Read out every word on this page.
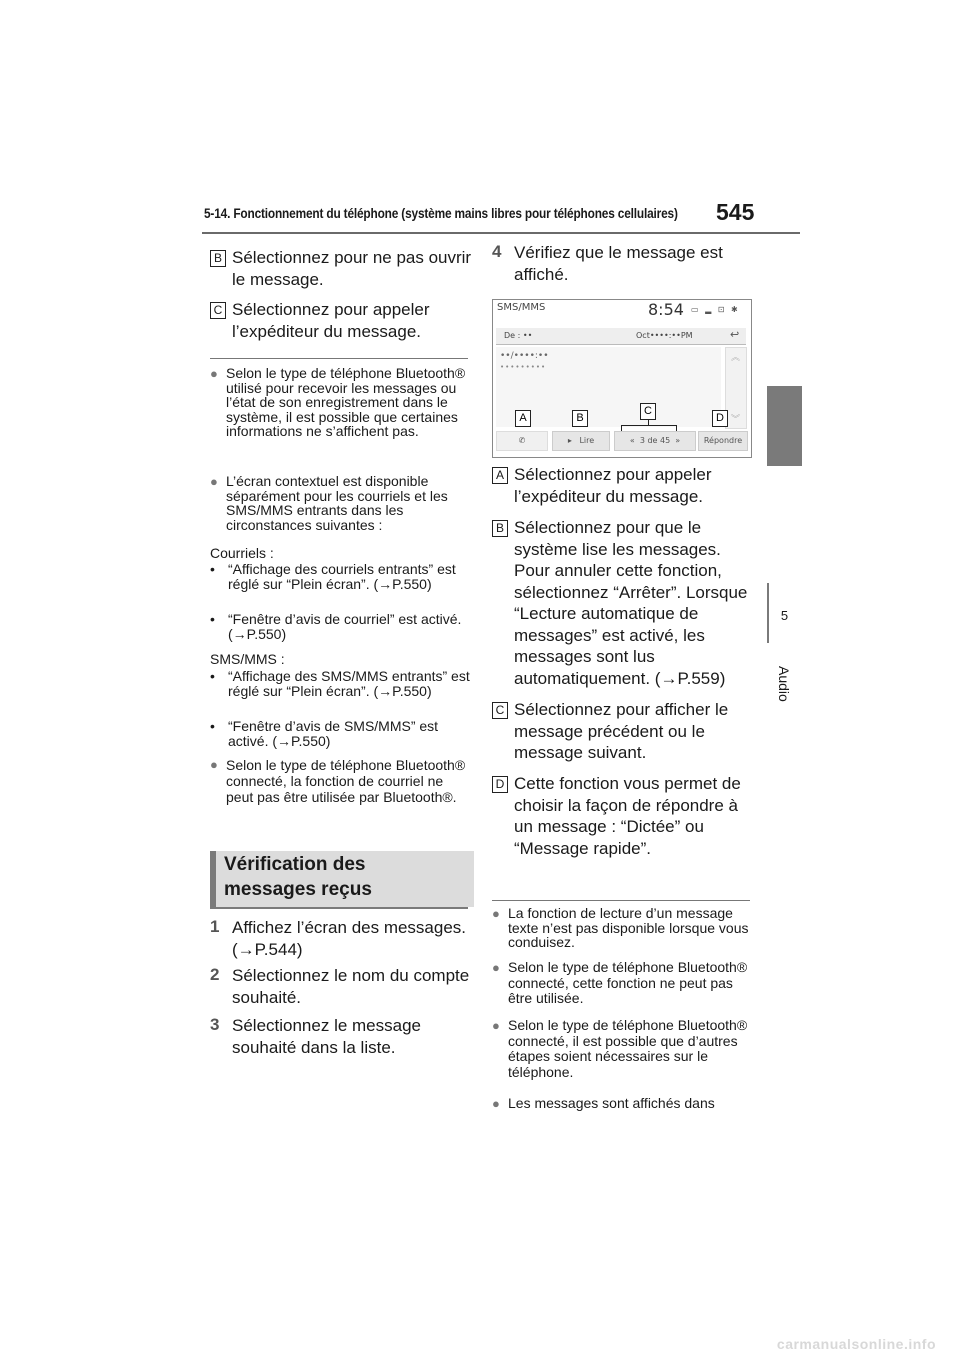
5-14. Fonctionnement du téléphone (système mains libres pour téléphones cellulaires) 545
5
Audio
B Sélectionnez pour ne pas ouvrir le message.
C Sélectionnez pour appeler l’expéditeur du message.
● Selon le type de téléphone Bluetooth® utilisé pour recevoir les messages ou l’état de son enregistrement dans le système, il est possible que certaines informations ne s’affichent pas.
● L’écran contextuel est disponible séparément pour les courriels et les SMS/MMS entrants dans les circonstances suivantes :
Courriels :
• “Affichage des courriels entrants” est réglé sur “Plein écran”. (→P.550)
• “Fenêtre d’avis de courriel” est activé. (→P.550)
SMS/MMS :
• “Affichage des SMS/MMS entrants” est réglé sur “Plein écran”. (→P.550)
• “Fenêtre d’avis de SMS/MMS” est activé. (→P.550)
● Selon le type de téléphone Bluetooth® connecté, la fonction de courriel ne peut pas être utilisée par Bluetooth®.
Vérification des messages reçus
1 Affichez l’écran des messages. (→P.544)
2 Sélectionnez le nom du compte souhaité.
3 Sélectionnez le message souhaité dans la liste.
4 Vérifiez que le message est affiché.
SMS/MMS	8:54 ▭ ▂ ⊡ ✱
De : ••	Oct••••:••PM	↩
••/••••:••
•••••••••
︽
︾
A	B
C
D
✆	▸ Lire	« 3 de 45 »	Répondre
A Sélectionnez pour appeler l’expéditeur du message.
B Sélectionnez pour que le système lise les messages. Pour annuler cette fonction, sélectionnez “Arrêter”. Lorsque “Lecture automatique de messages” est activé, les messages sont lus automatiquement. (→P.559)
C Sélectionnez pour afficher le message précédent ou le message suivant.
D Cette fonction vous permet de choisir la façon de répondre à un message : “Dictée” ou “Message rapide”.
● La fonction de lecture d’un message texte n’est pas disponible lorsque vous conduisez.
● Selon le type de téléphone Bluetooth® connecté, cette fonction ne peut pas être utilisée.
● Selon le type de téléphone Bluetooth® connecté, il est possible que d’autres étapes soient nécessaires sur le téléphone.
● Les messages sont affichés dans
carmanualsonline.info
